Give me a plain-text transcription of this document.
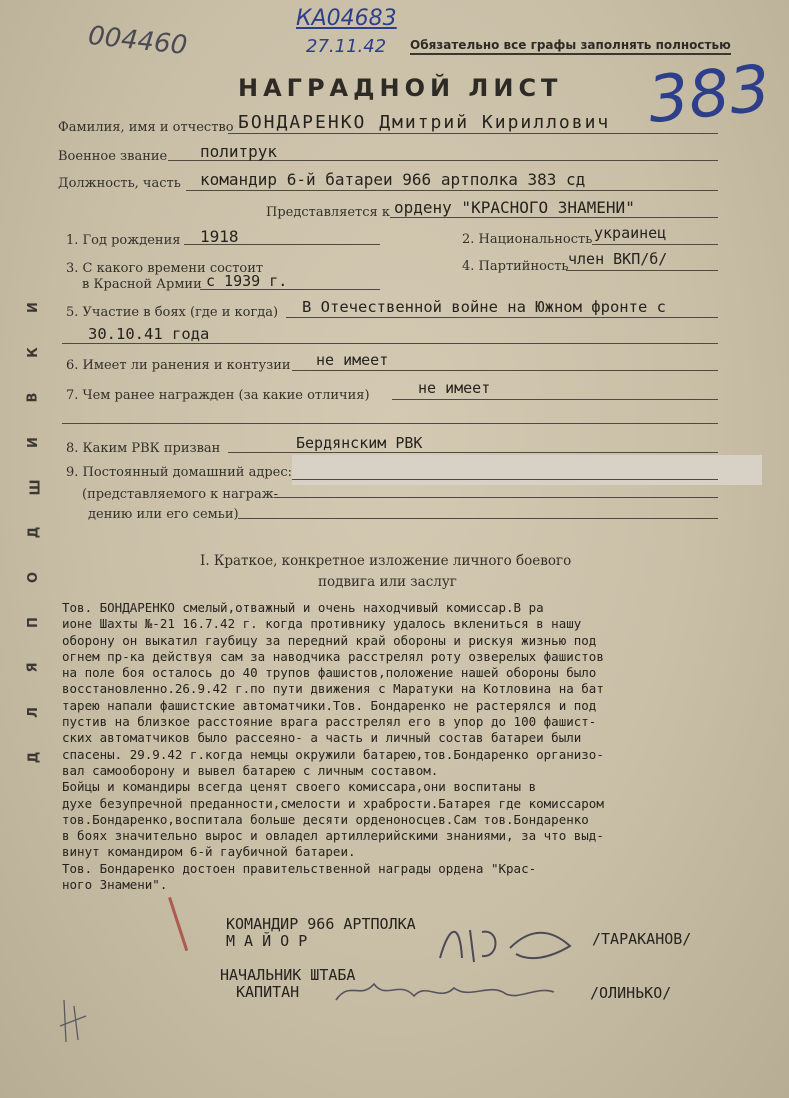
004460
КА04683
27.11.42 Обязательно все графы заполнять полностью
383
НАГРАДНОЙ ЛИСТ
И
К
В
И
Ш
Д
О
П
Я
Л
Д
Фамилия, имя и отчество БОНДАРЕНКО Дмитрий Кириллович
Военное звание политрук
Должность, часть командир 6-й батареи 966 артполка 383 сд
Представляется к ордену "КРАСНОГО ЗНАМЕНИ"
1. Год рождения 1918	2. Национальность украинец
3. С какого времени состоит
в Красной Армии с 1939 г.
4. Партийность член ВКП/б/
5. Участие в боях (где и когда) В Отечественной войне на Южном фронте с
30.10.41 года
6. Имеет ли ранения и контузии не имеет
7. Чем ранее награжден (за какие отличия)	не имеет
8. Каким РВК призван	Бердянским РВК
9. Постоянный домашний адрес:
(представляемого к награж-
дению или его семьи)
I. Краткое, конкретное изложение личного боевого
подвига или заслуг
Тов. БОНДАРЕНКО смелый,отважный и очень находчивый комиссар.В ра
ионе Шахты №-21 16.7.42 г. когда противнику удалось вклениться в нашу
оборону он выкатил гаубицу за передний край обороны и рискуя жизнью под
огнем пр-ка действуя сам за наводчика расстрелял роту озверелых фашистов
на поле боя осталось до 40 трупов фашистов,положение нашей обороны было
восстановленно.26.9.42 г.по пути движения с Маратуки на Котловина на бат
тарею напали фашистские автоматчики.Тов. Бондаренко не растерялся и под
пустив на близкое расстояние врага расстрелял его в упор до 100 фашист-
ских автоматчиков было рассеяно- а часть и личный состав батареи были
спасены. 29.9.42 г.когда немцы окружили батарею,тов.Бондаренко организо-
вал самооборону и вывел батарею с личным составом.
Бойцы и командиры всегда ценят своего комиссара,они воспитаны в
духе безупречной преданности,смелости и храбрости.Батарея где комиссаром
тов.Бондаренко,воспитала больше десяти орденоносцев.Сам тов.Бондаренко
в боях значительно вырос и овладел артиллерийскими знаниями, за что выд-
винут командиром 6-й гаубичной батареи.
Тов. Бондаренко достоен правительственной награды ордена "Крас-
ного Знамени".
КОМАНДИР 966 АРТПОЛКА
М А Й О Р	/ТАРАКАНОВ/
НАЧАЛЬНИК ШТАБА
КАПИТАН	/ОЛИНЬКО/
